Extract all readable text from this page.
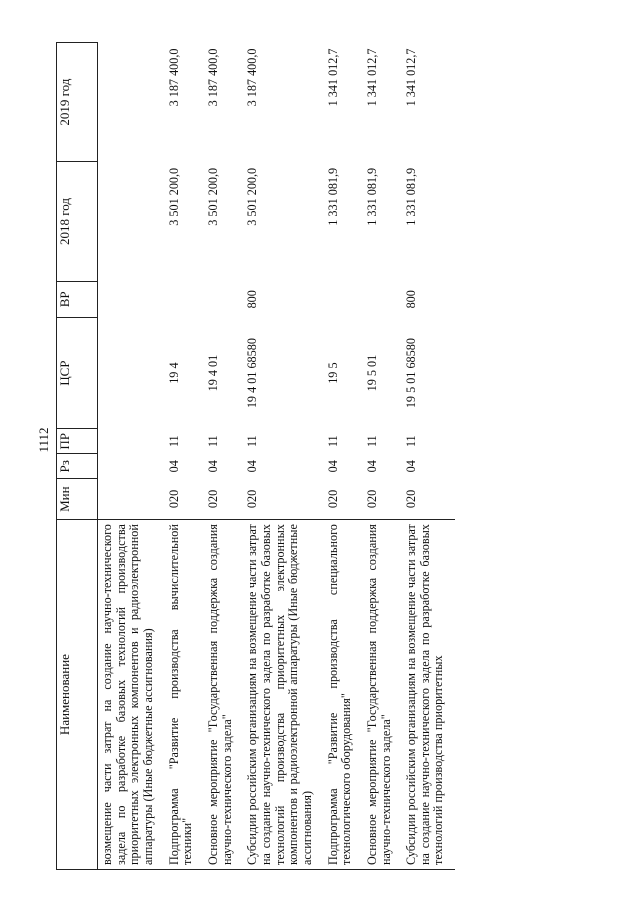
1112
Наименование	Мин	Рз	ПР	ЦСР	ВР	2018 год	2019 год
возмещение части затрат на создание научно-технического задела по разработке базовых технологий производства приоритетных электронных компонентов и радиоэлектронной аппаратуры (Иные бюджетные ассигнования)							
Подпрограмма "Развитие производства вычислительной техники"	020	04	11	19 4		3 501 200,0	3 187 400,0
Основное мероприятие "Государственная поддержка создания научно-технического задела"	020	04	11	19 4 01		3 501 200,0	3 187 400,0
Субсидии российским организациям на возмещение части затрат на создание научно-технического задела по разработке базовых технологий производства приоритетных электронных компонентов и радиоэлектронной аппаратуры (Иные бюджетные ассигнования)	020	04	11	19 4 01 68580	800	3 501 200,0	3 187 400,0
Подпрограмма "Развитие производства специального технологического оборудования"	020	04	11	19 5		1 331 081,9	1 341 012,7
Основное мероприятие "Государственная поддержка создания научно-технического задела"	020	04	11	19 5 01		1 331 081,9	1 341 012,7
Субсидии российским организациям на возмещение части затрат на создание научно-технического задела по разработке базовых технологий производства приоритетных	020	04	11	19 5 01 68580	800	1 331 081,9	1 341 012,7
